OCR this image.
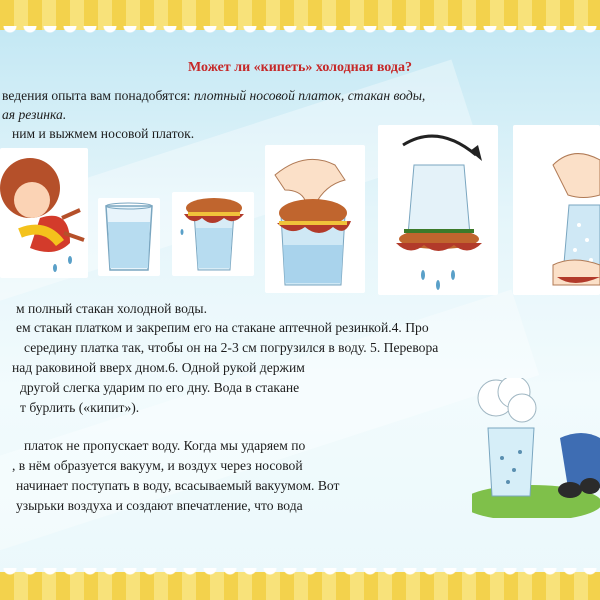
Может ли «кипеть» холодная вода?
ведения опыта вам понадобятся: плотный носовой платок, стакан воды,
ая резинка.
ним и выжмем носовой платок.
м полный стакан холодной воды.
ем стакан платком и закрепим его на стакане аптечной резинкой.4. Про
середину платка так, чтобы он на 2-3 см погрузился в воду. 5. Перевора
над раковиной вверх дном.6. Одной рукой держим
другой слегка ударим по его дну. Вода в стакане
т бурлить («кипит»).
платок не пропускает воду. Когда мы ударяем по
, в нём образуется вакуум, и воздух через носовой
начинает поступать в воду, всасываемый вакуумом. Вот
узырьки воздуха и создают впечатление, что вода
